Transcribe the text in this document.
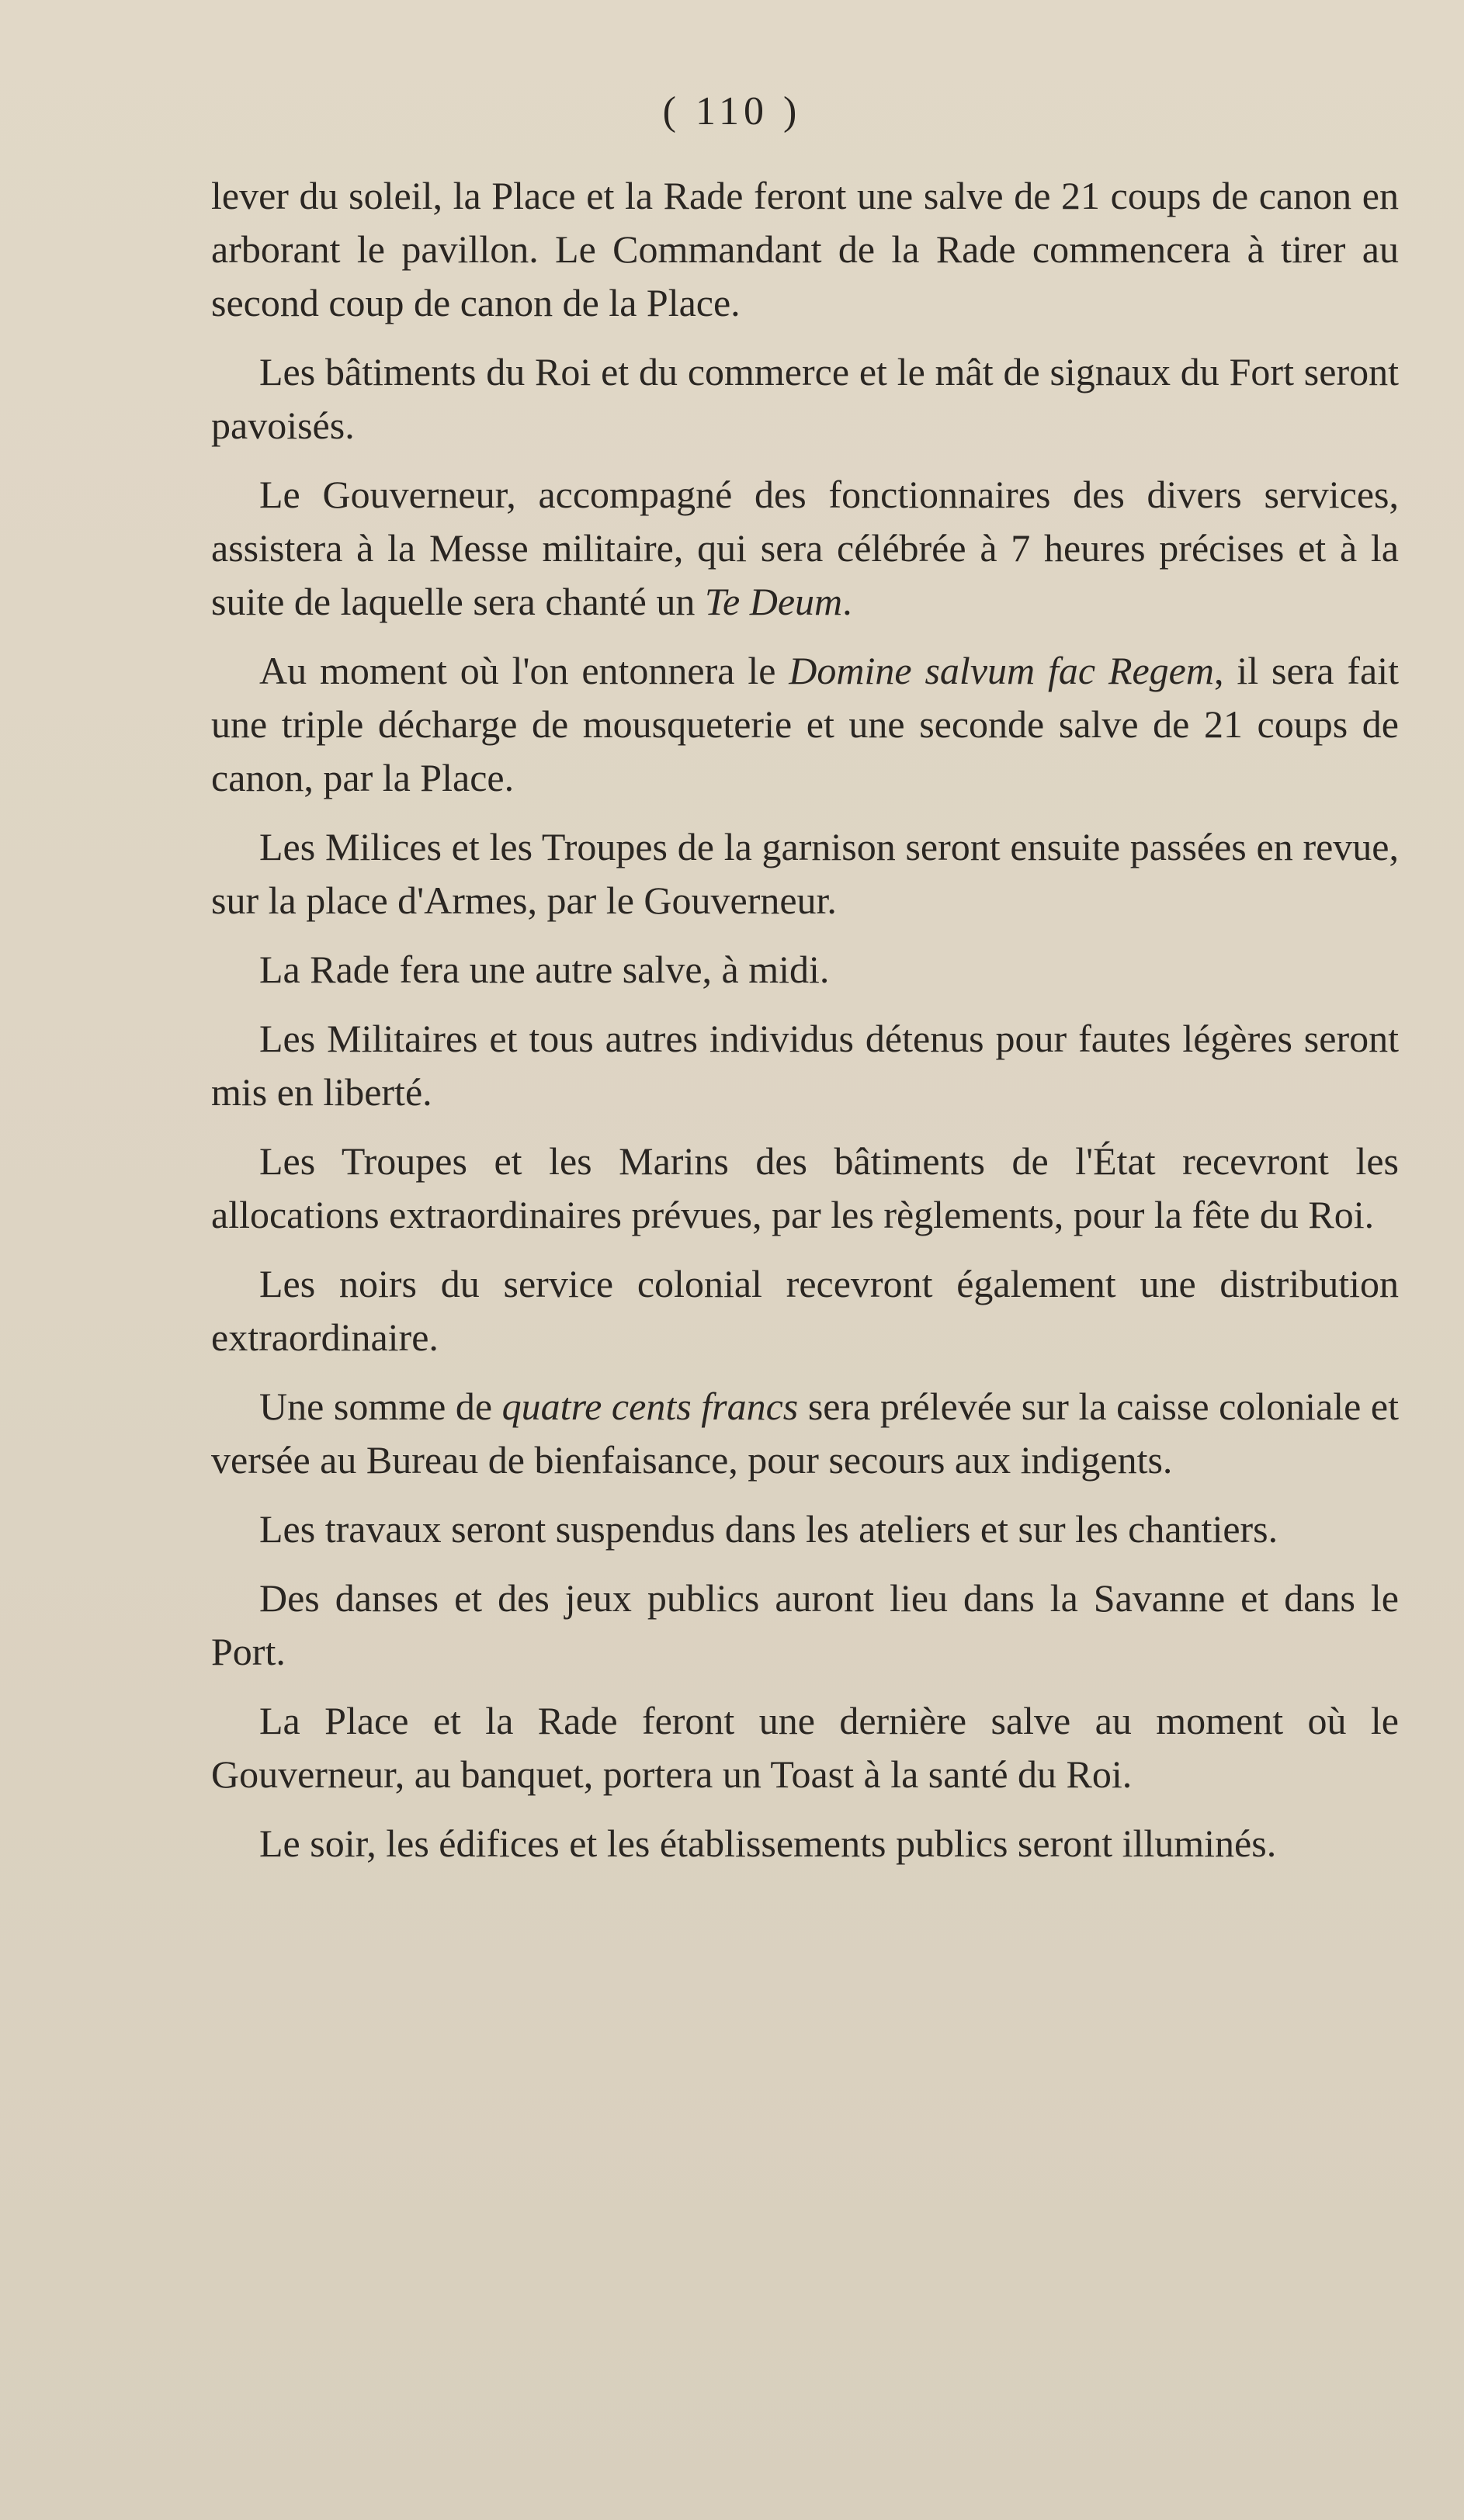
( 110 )

lever du soleil, la Place et la Rade feront une salve de 21 coups de canon en arborant le pavillon. Le Commandant de la Rade commencera à tirer au second coup de canon de la Place.

Les bâtiments du Roi et du commerce et le mât de signaux du Fort seront pavoisés.

Le Gouverneur, accompagné des fonctionnaires des divers services, assistera à la Messe militaire, qui sera célébrée à 7 heures précises et à la suite de laquelle sera chanté un Te Deum.

Au moment où l'on entonnera le Domine salvum fac Regem, il sera fait une triple décharge de mousqueterie et une seconde salve de 21 coups de canon, par la Place.

Les Milices et les Troupes de la garnison seront ensuite passées en revue, sur la place d'Armes, par le Gouverneur.

La Rade fera une autre salve, à midi.

Les Militaires et tous autres individus détenus pour fautes légères seront mis en liberté.

Les Troupes et les Marins des bâtiments de l'État recevront les allocations extraordinaires prévues, par les règlements, pour la fête du Roi.

Les noirs du service colonial recevront également une distribution extraordinaire.

Une somme de quatre cents francs sera prélevée sur la caisse coloniale et versée au Bureau de bienfaisance, pour secours aux indigents.

Les travaux seront suspendus dans les ateliers et sur les chantiers.

Des danses et des jeux publics auront lieu dans la Savanne et dans le Port.

La Place et la Rade feront une dernière salve au moment où le Gouverneur, au banquet, portera un Toast à la santé du Roi.

Le soir, les édifices et les établissements publics seront illuminés.
